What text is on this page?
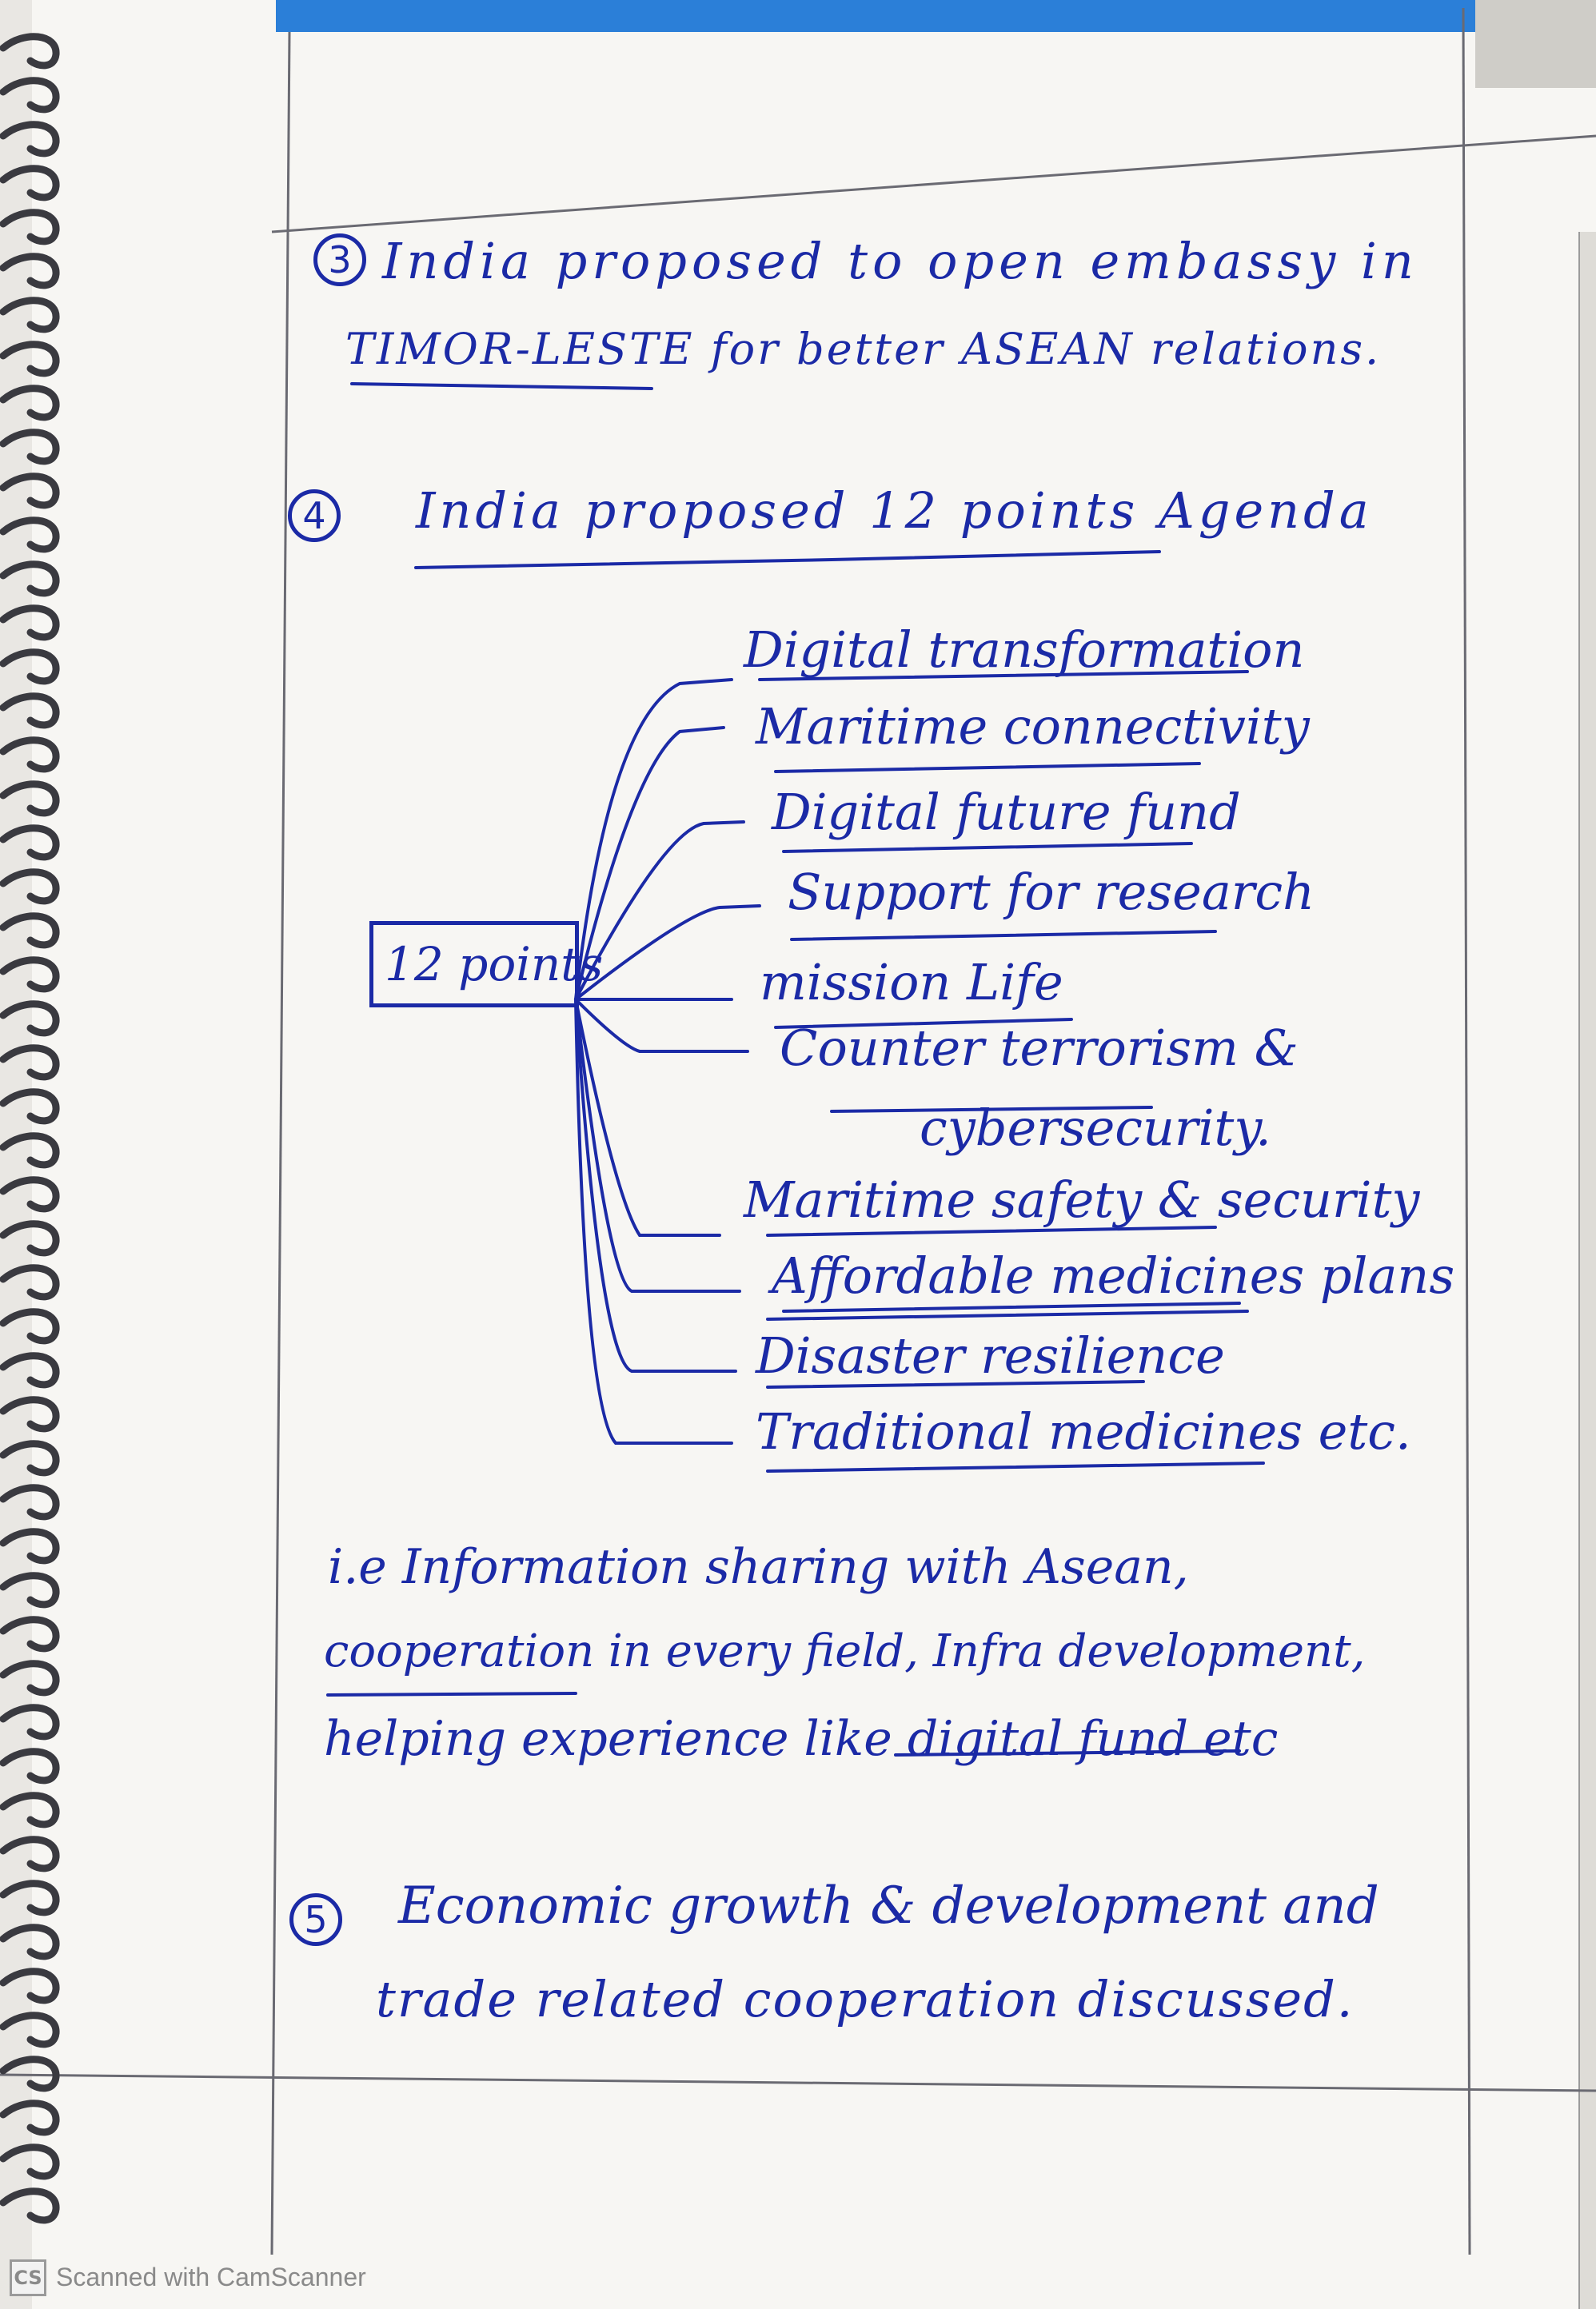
3 India proposed to open embassy in

TIMOR-LESTE for better ASEAN relations.

4 India proposed 12 points Agenda

12 points

Digital transformation

Maritime connectivity

Digital future fund

Support for research

mission Life

Counter terrorism &

cybersecurity.

Maritime safety & security

Affordable medicines plans

Disaster resilience

Traditional medicines etc.

i.e Information sharing with Asean,

cooperation in every field, Infra development,

helping experience like digital fund etc

5 Economic growth & development and

trade related cooperation discussed.

CS Scanned with CamScanner
